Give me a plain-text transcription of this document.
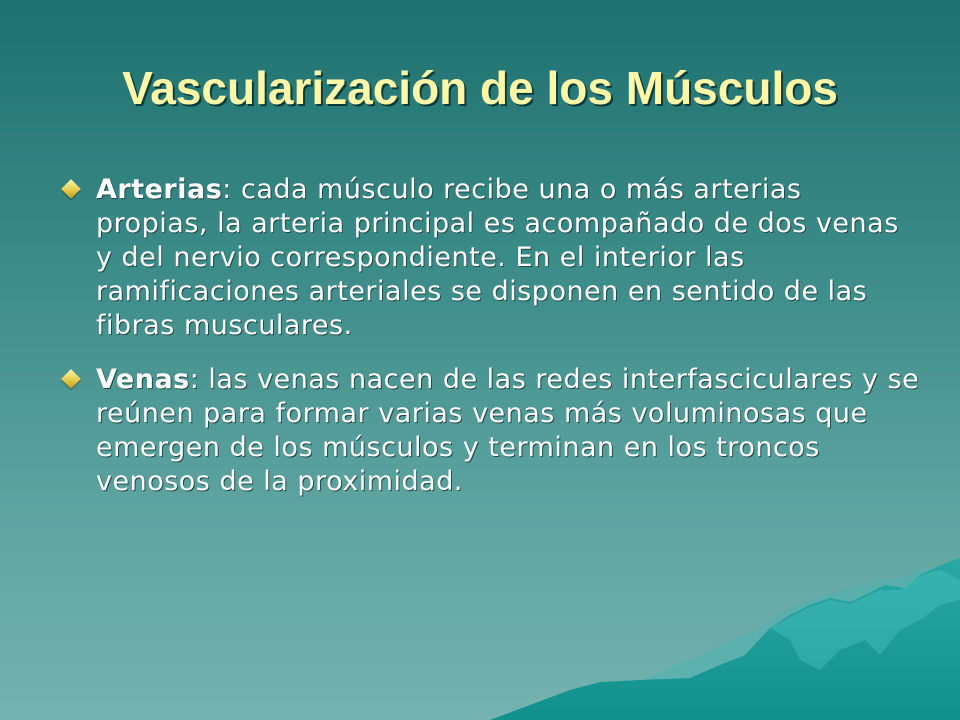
Vascularización de los Músculos
Arterias: cada músculo recibe una o más arterias propias, la arteria principal es acompañado de dos venas y del nervio correspondiente. En el interior las ramificaciones arteriales se disponen en sentido de las fibras musculares.
Venas: las venas nacen de las redes interfasciculares y se reúnen para formar varias venas más voluminosas que emergen de los músculos y terminan en los troncos venosos de la proximidad.
